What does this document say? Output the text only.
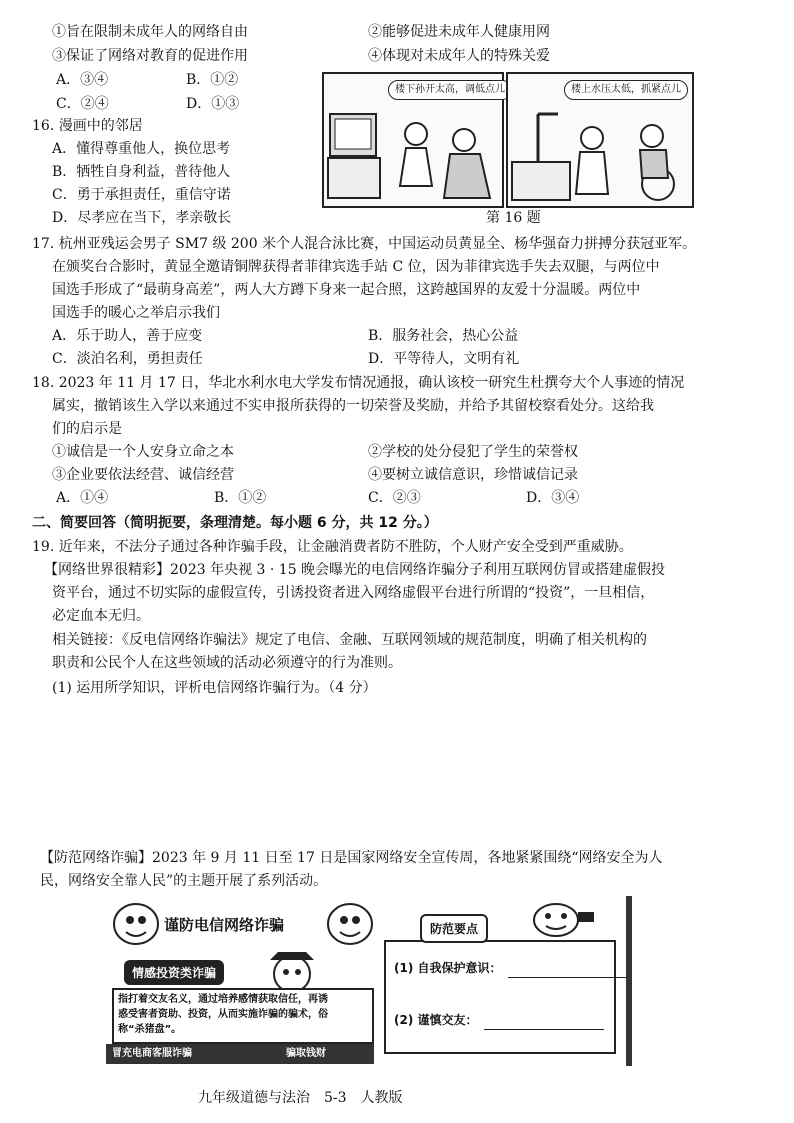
①旨在限制未成年人的网络自由	②能够促进未成年人健康用网
③保证了网络对教育的促进作用	④体现对未成年人的特殊关爱
A．③④	B．①②
C．②④	D．①③
16. 漫画中的邻居
A．懂得尊重他人，换位思考
B．牺牲自身利益，普待他人
C．勇于承担责任，重信守诺
D．尽孝应在当下，孝亲敬长
楼下孙开太高，调低点儿	楼上水压太低，抓紧点儿
第 16 题
17. 杭州亚残运会男子 SM7 级 200 米个人混合泳比赛，中国运动员黄显全、杨华强奋力拼搏分获冠亚军。
在颁奖台合影时，黄显全邀请铜牌获得者菲律宾选手站 C 位，因为菲律宾选手失去双腿，与两位中
国选手形成了“最萌身高差”，两人大方蹲下身来一起合照，这跨越国界的友爱十分温暖。两位中
国选手的暖心之举启示我们
A．乐于助人，善于应变	B．服务社会，热心公益
C．淡泊名利，勇担责任	D．平等待人，文明有礼
18. 2023 年 11 月 17 日，华北水利水电大学发布情况通报，确认该校一研究生杜撰夸大个人事迹的情况
属实，撤销该生入学以来通过不实申报所获得的一切荣誉及奖励，并给予其留校察看处分。这给我
们的启示是
①诚信是一个人安身立命之本	②学校的处分侵犯了学生的荣誉权
③企业要依法经营、诚信经营	④要树立诚信意识，珍惜诚信记录
A．①④	B．①②	C．②③	D．③④
二、简要回答（简明扼要，条理清楚。每小题 6 分，共 12 分。）
19. 近年来，不法分子通过各种诈骗手段，让金融消费者防不胜防，个人财产安全受到严重威胁。
【网络世界很精彩】2023 年央视 3 · 15 晚会曝光的电信网络诈骗分子利用互联网仿冒或搭建虚假投
资平台，通过不切实际的虚假宣传，引诱投资者进入网络虚假平台进行所谓的“投资”，一旦相信，
必定血本无归。
相关链接：《反电信网络诈骗法》规定了电信、金融、互联网领域的规范制度，明确了相关机构的
职责和公民个人在这些领域的活动必须遵守的行为准则。
(1) 运用所学知识，评析电信网络诈骗行为。（4 分）
【防范网络诈骗】2023 年 9 月 11 日至 17 日是国家网络安全宣传周，各地紧紧围绕“网络安全为人
民，网络安全靠人民”的主题开展了系列活动。
谨防电信网络诈骗
情感投资类诈骗
指打着交友名义，通过培养感情获取信任，再诱
惑受害者资助、投资，从而实施诈骗的骗术，俗
称“杀猪盘”。
冒充电商客服诈骗	骗取钱财
(1) 自我保护意识：
(2) 谨慎交友：
防范要点
九年级道德与法治　5-3　人教版
